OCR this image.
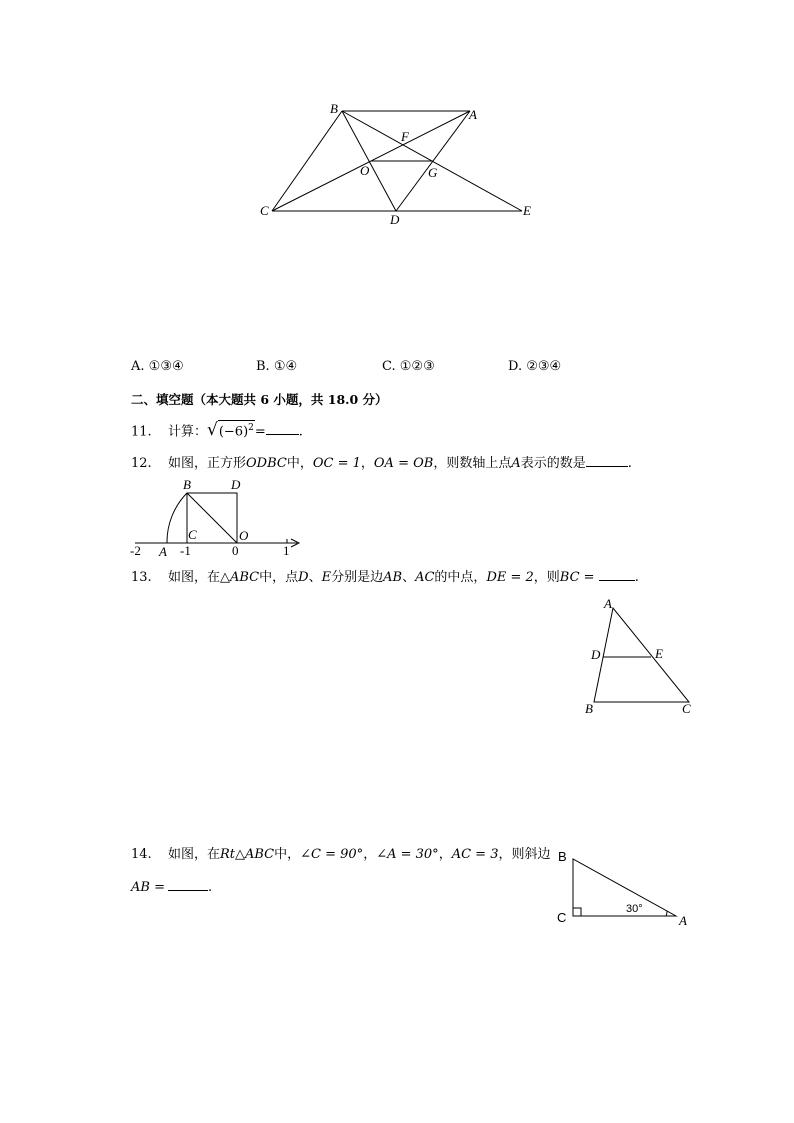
B	A
F
O	G
C
D
E
A. ①③④	B. ①④	C. ①②③	D. ②③④
二、填空题（本大题共 6 小题，共 18.0 分）
11. 计算： √ $(-6)^2$ =	.
12. 如图，正方形ODBC中，OC = 1，OA = OB，则数轴上点A表示的数是	.
B	D
C	O
A
-2	-1	0	1
13. 如图，在△ABC中，点D、E分别是边AB、AC的中点，DE = 2，则BC =	.
A
D	E
B	C
14. 如图，在Rt△ABC中，∠C = 90°，∠A = 30°，AC = 3，则斜边
AB =	.
B
C	A
30°
